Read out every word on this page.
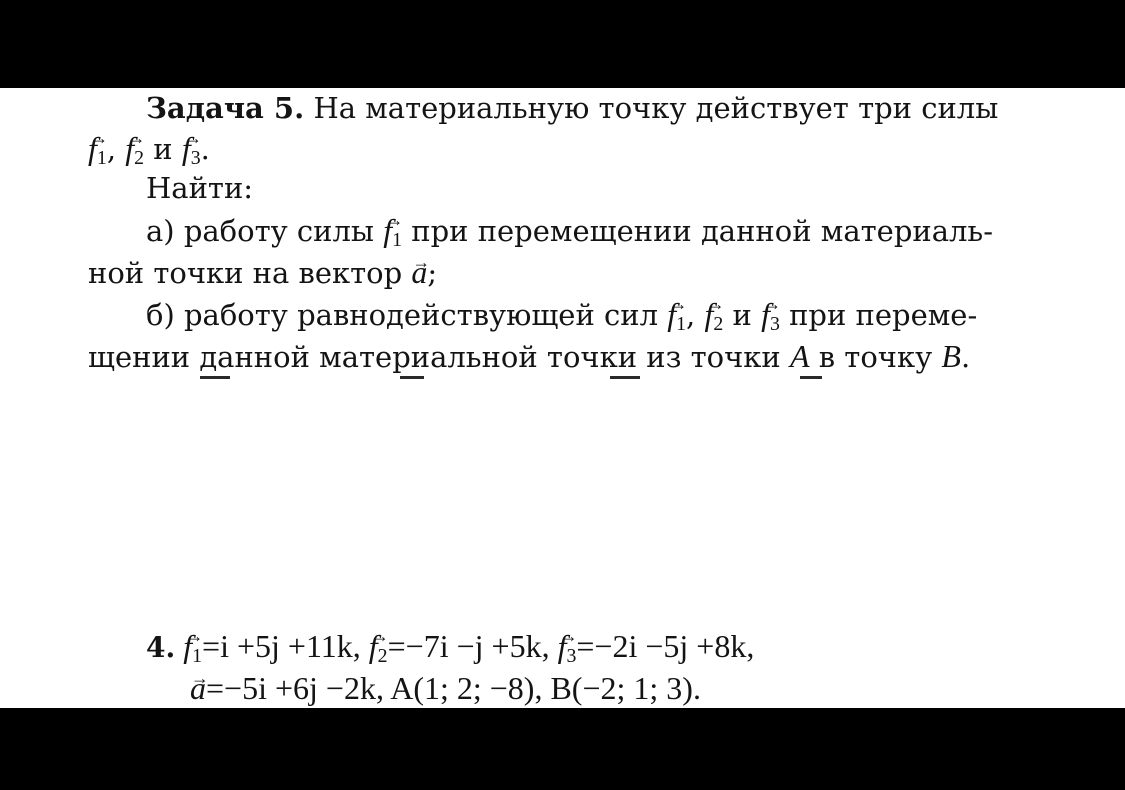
Задача 5. На материальную точку действует три силы
→ $f_1$, → $f_2$ $и \to f_3$.
Найти:
а) работу силы → $f_1$ при перемещении данной материаль-
ной точки на вектор → a;
б) работу равнодействующей сил → $f_1$, → $f_2$ $и \to f_3$ при переме-
щении данной материальной точки из точки A в точку B.
4. → $f_1=i +5j +11k$, → $f_2=-7i -j +5k$, → $f_3=-2i -5j +8k$,
→ a=−5i +6j −2k, A(1; 2; −8), B(−2; 1; 3).
